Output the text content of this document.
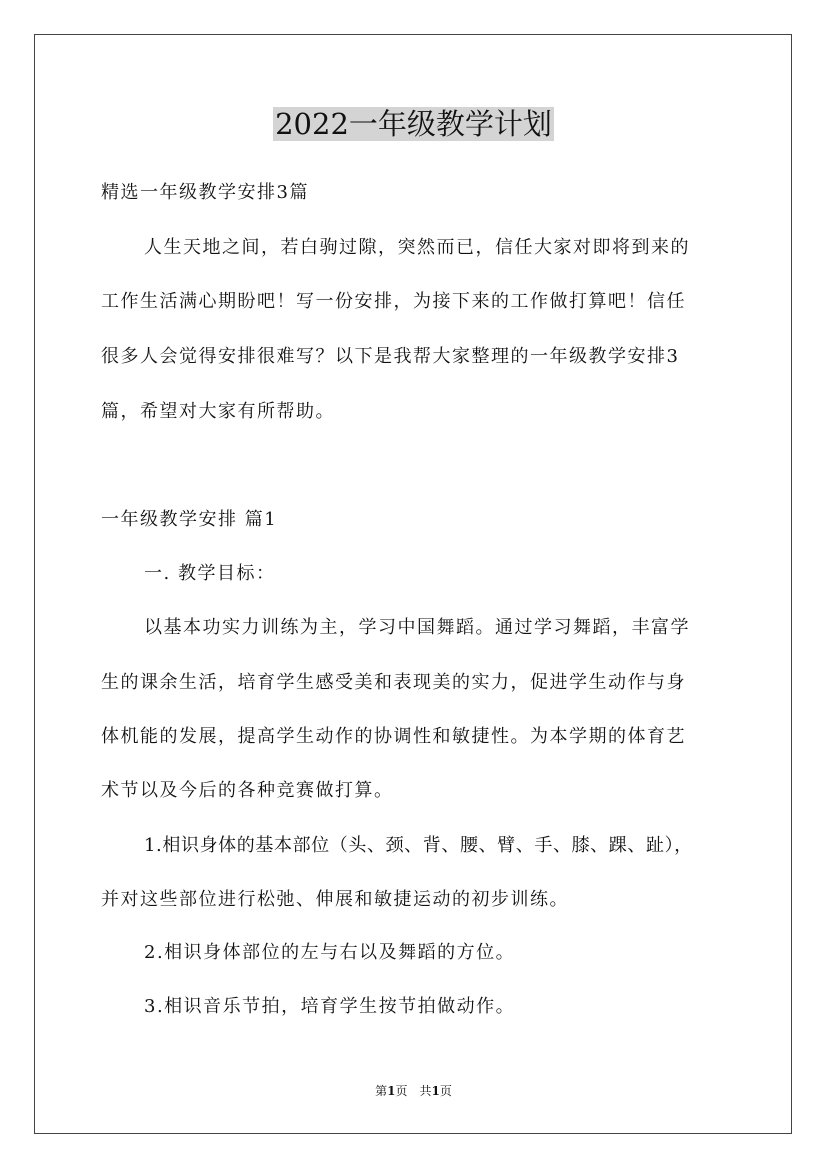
2022一年级教学计划
精选一年级教学安排3篇
人生天地之间，若白驹过隙，突然而已，信任大家对即将到来的
工作生活满心期盼吧！写一份安排，为接下来的工作做打算吧！信任
很多人会觉得安排很难写？以下是我帮大家整理的一年级教学安排3
篇，希望对大家有所帮助。
一年级教学安排 篇1
一. 教学目标：
以基本功实力训练为主，学习中国舞蹈。通过学习舞蹈，丰富学
生的课余生活，培育学生感受美和表现美的实力，促进学生动作与身
体机能的发展，提高学生动作的协调性和敏捷性。为本学期的体育艺
术节以及今后的各种竞赛做打算。
1.相识身体的基本部位（头、颈、背、腰、臂、手、膝、踝、趾），
并对这些部位进行松弛、伸展和敏捷运动的初步训练。
2.相识身体部位的左与右以及舞蹈的方位。
3.相识音乐节拍，培育学生按节拍做动作。
第1页　共1页
